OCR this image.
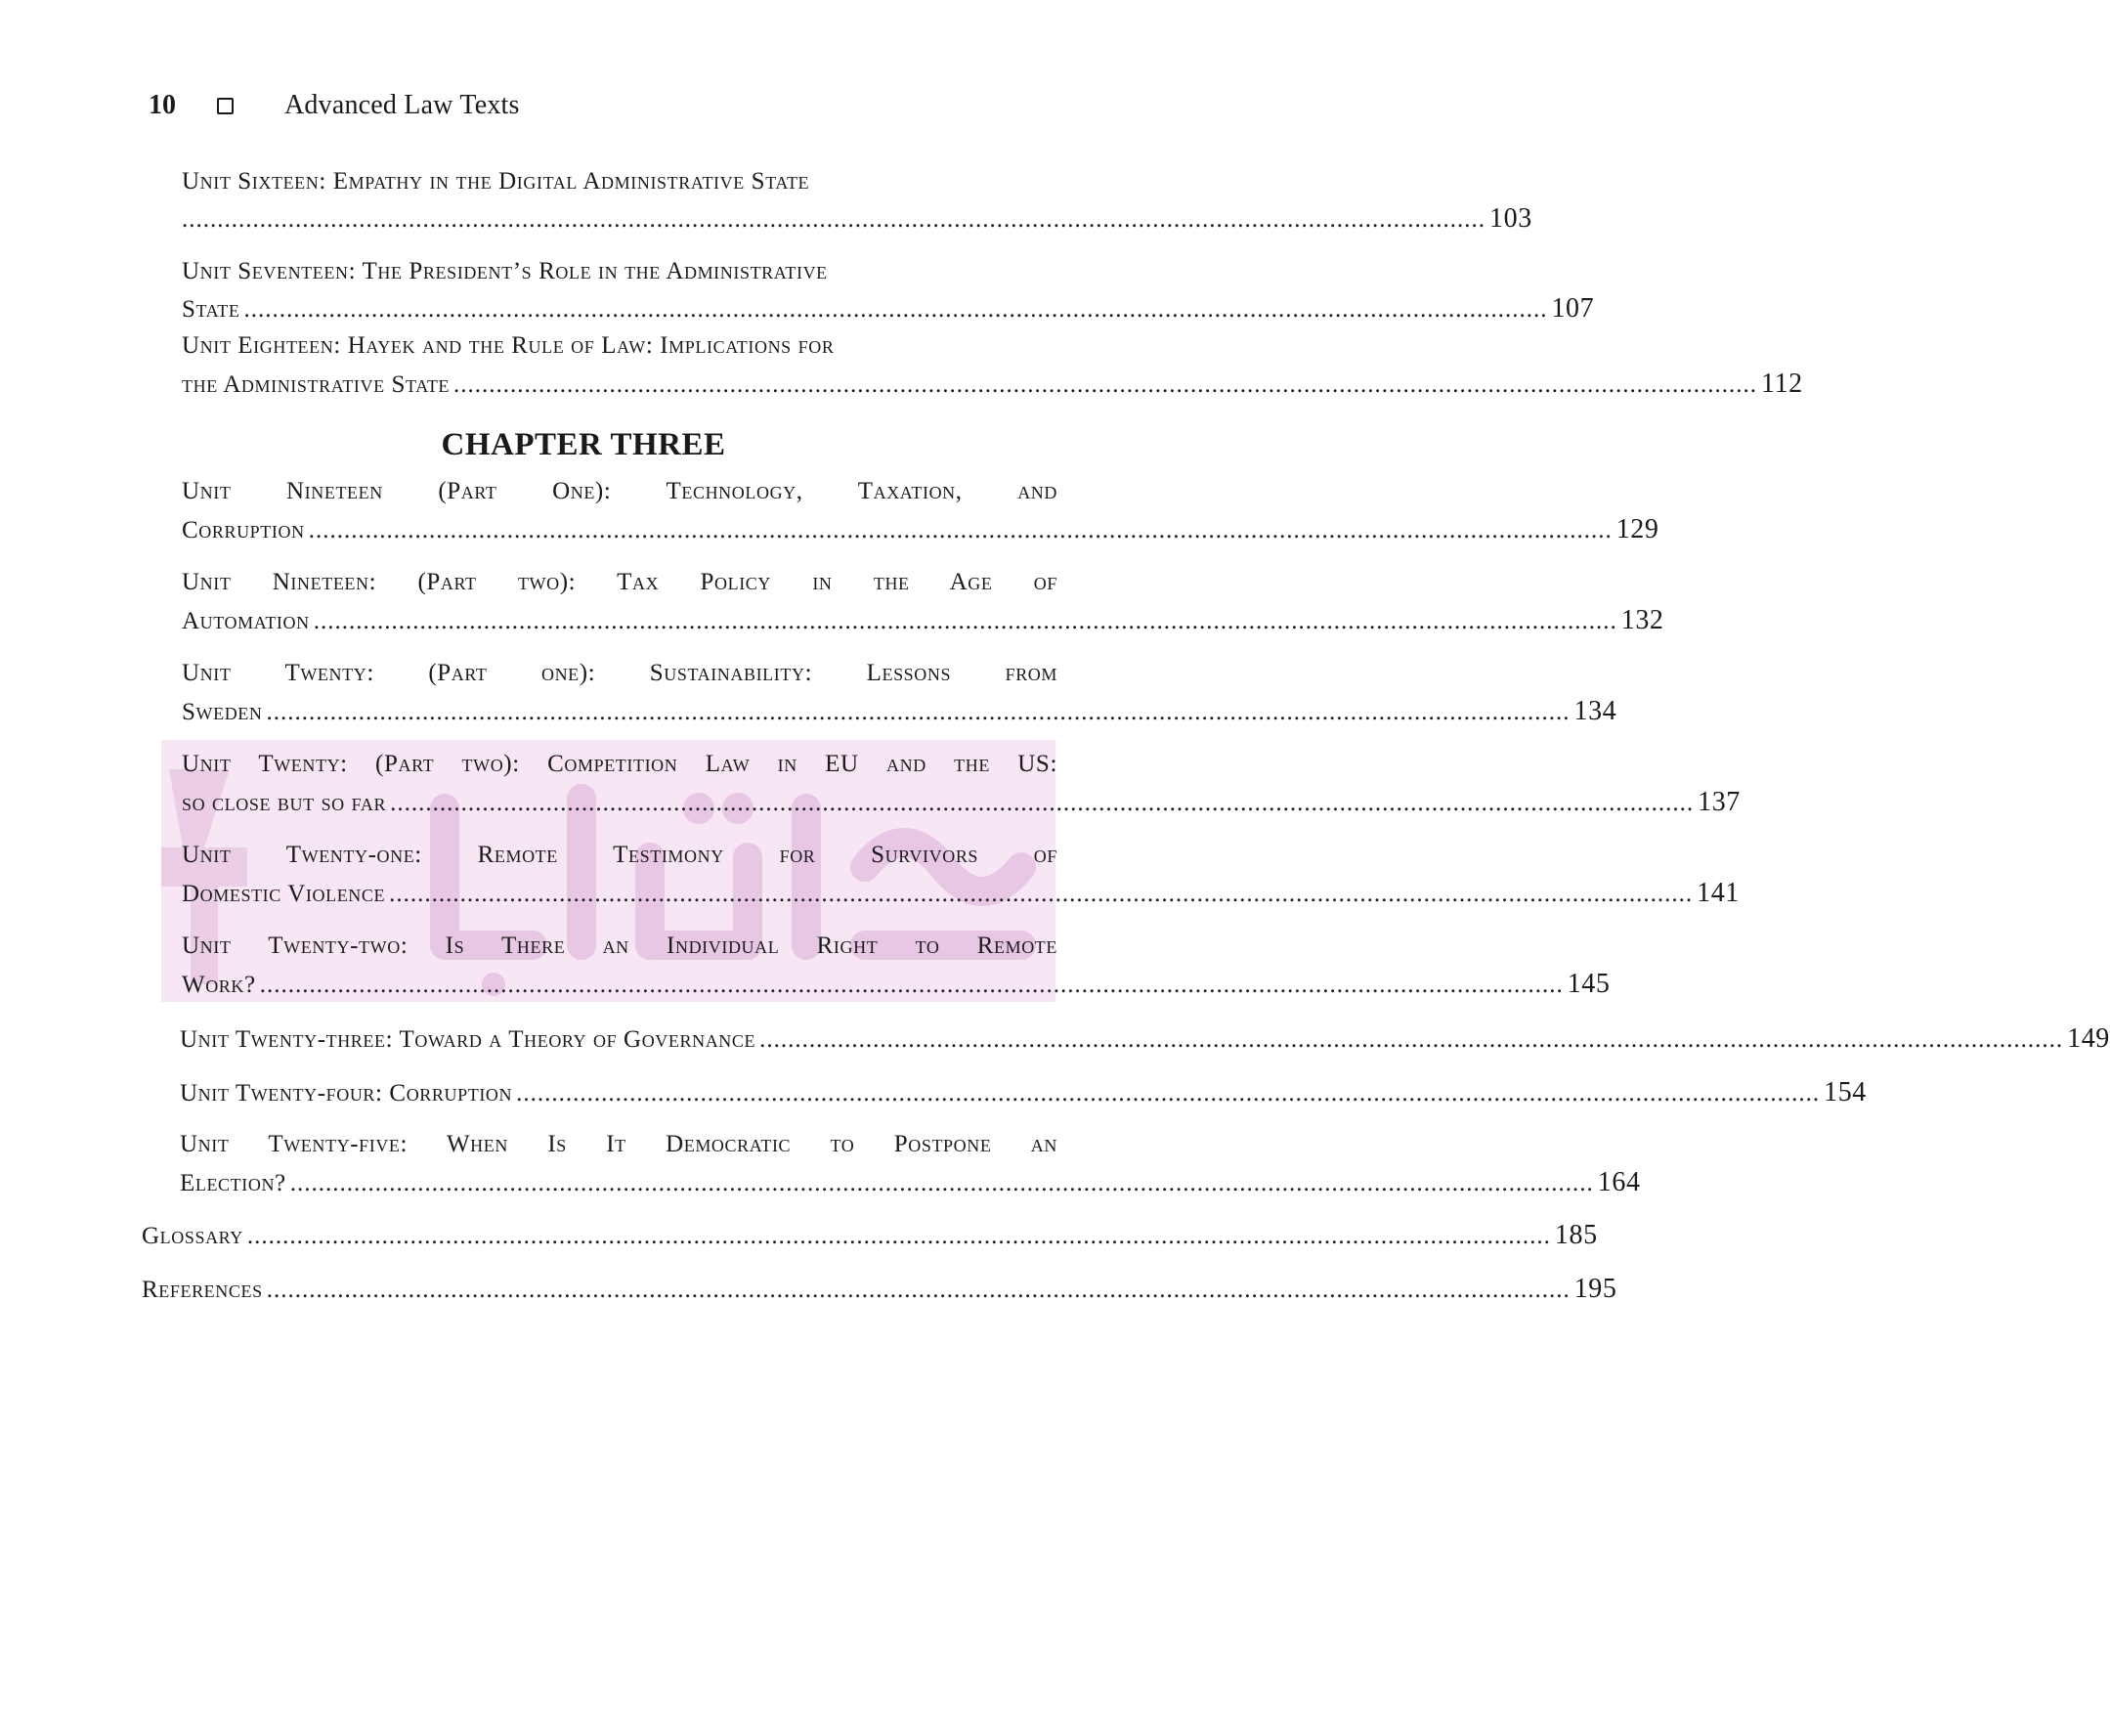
10	Advanced Law Texts
Unit Sixteen: Empathy in the Digital Administrative State
........................................................................................................................................................................................ 103
Unit Seventeen: The President’s Role in the Administrative
State ........................................................................................................................................................................................ 107
Unit Eighteen: Hayek and the Rule of Law: Implications for
the Administrative State ........................................................................................................................................................................................ 112
CHAPTER THREE
Unit Nineteen (Part One): Technology, Taxation, and
Corruption ........................................................................................................................................................................................ 129
Unit Nineteen: (Part two): Tax Policy in the Age of
Automation ........................................................................................................................................................................................ 132
Unit Twenty: (Part one): Sustainability: Lessons from
Sweden ........................................................................................................................................................................................ 134
Unit Twenty: (Part two): Competition Law in EU and the US:
so close but so far ........................................................................................................................................................................................ 137
Unit Twenty-one: Remote Testimony for Survivors of
Domestic Violence ........................................................................................................................................................................................ 141
Unit Twenty-two: Is There an Individual Right to Remote
Work? ........................................................................................................................................................................................ 145
Unit Twenty-three: Toward a Theory of Governance ........................................................................................................................................................................................ 149
Unit Twenty-four: Corruption ........................................................................................................................................................................................ 154
Unit Twenty-five: When Is It Democratic to Postpone an
Election? ........................................................................................................................................................................................ 164
Glossary ........................................................................................................................................................................................ 185
References ........................................................................................................................................................................................ 195
